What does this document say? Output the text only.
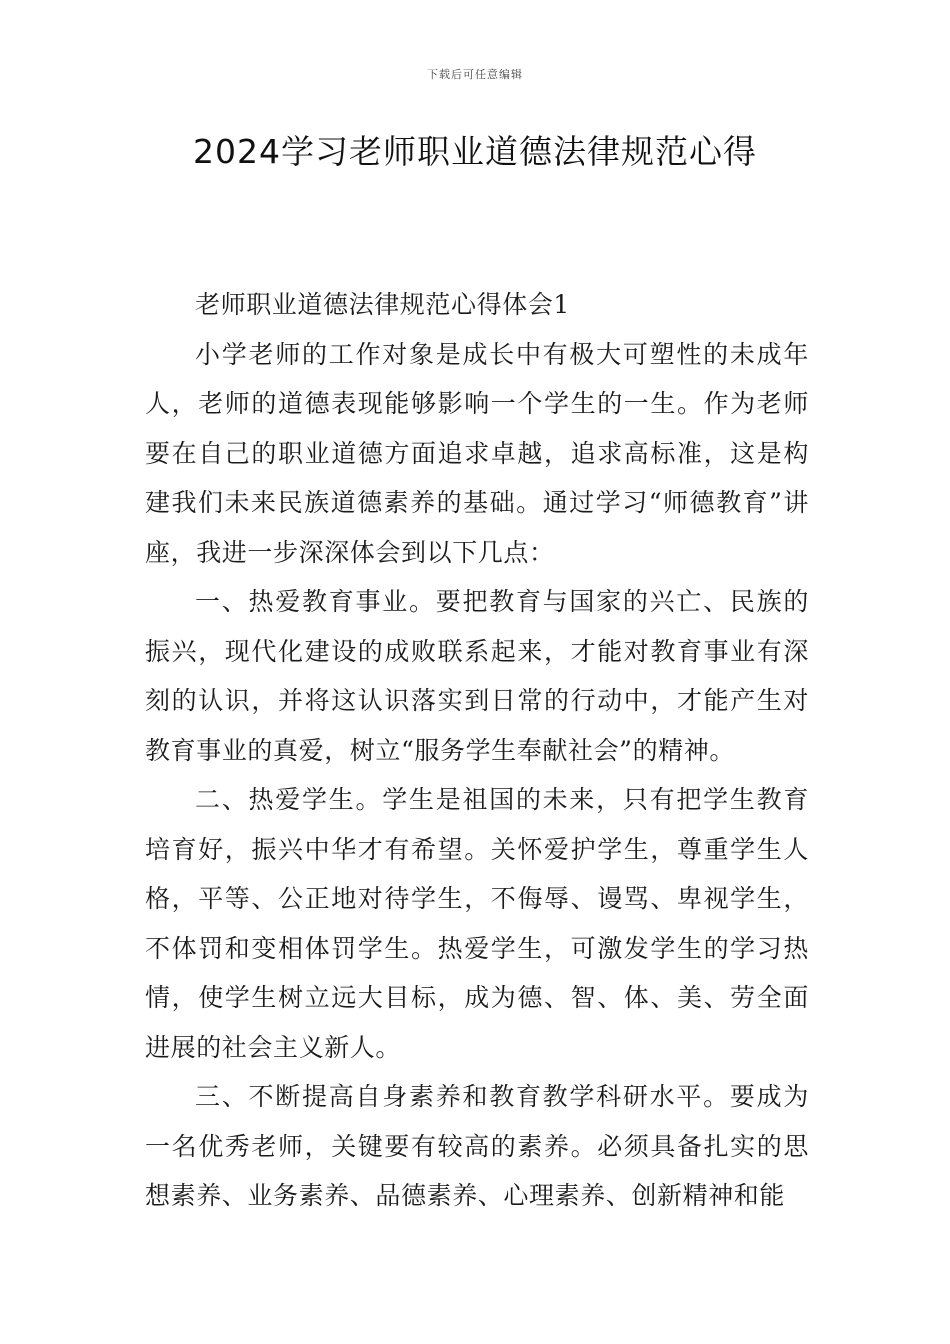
下载后可任意编辑
2024学习老师职业道德法律规范心得

老师职业道德法律规范心得体会1

小学老师的工作对象是成长中有极大可塑性的未成年人，老师的道德表现能够影响一个学生的一生。作为老师要在自己的职业道德方面追求卓越，追求高标准，这是构建我们未来民族道德素养的基础。通过学习“师德教育”讲座，我进一步深深体会到以下几点：

一、热爱教育事业。要把教育与国家的兴亡、民族的振兴，现代化建设的成败联系起来，才能对教育事业有深刻的认识，并将这认识落实到日常的行动中，才能产生对教育事业的真爱，树立“服务学生奉献社会”的精神。

二、热爱学生。学生是祖国的未来，只有把学生教育培育好，振兴中华才有希望。关怀爱护学生，尊重学生人格，平等、公正地对待学生，不侮辱、谩骂、卑视学生，不体罚和变相体罚学生。热爱学生，可激发学生的学习热情，使学生树立远大目标，成为德、智、体、美、劳全面进展的社会主义新人。

三、不断提高自身素养和教育教学科研水平。要成为一名优秀老师，关键要有较高的素养。必须具备扎实的思想素养、业务素养、品德素养、心理素养、创新精神和能
